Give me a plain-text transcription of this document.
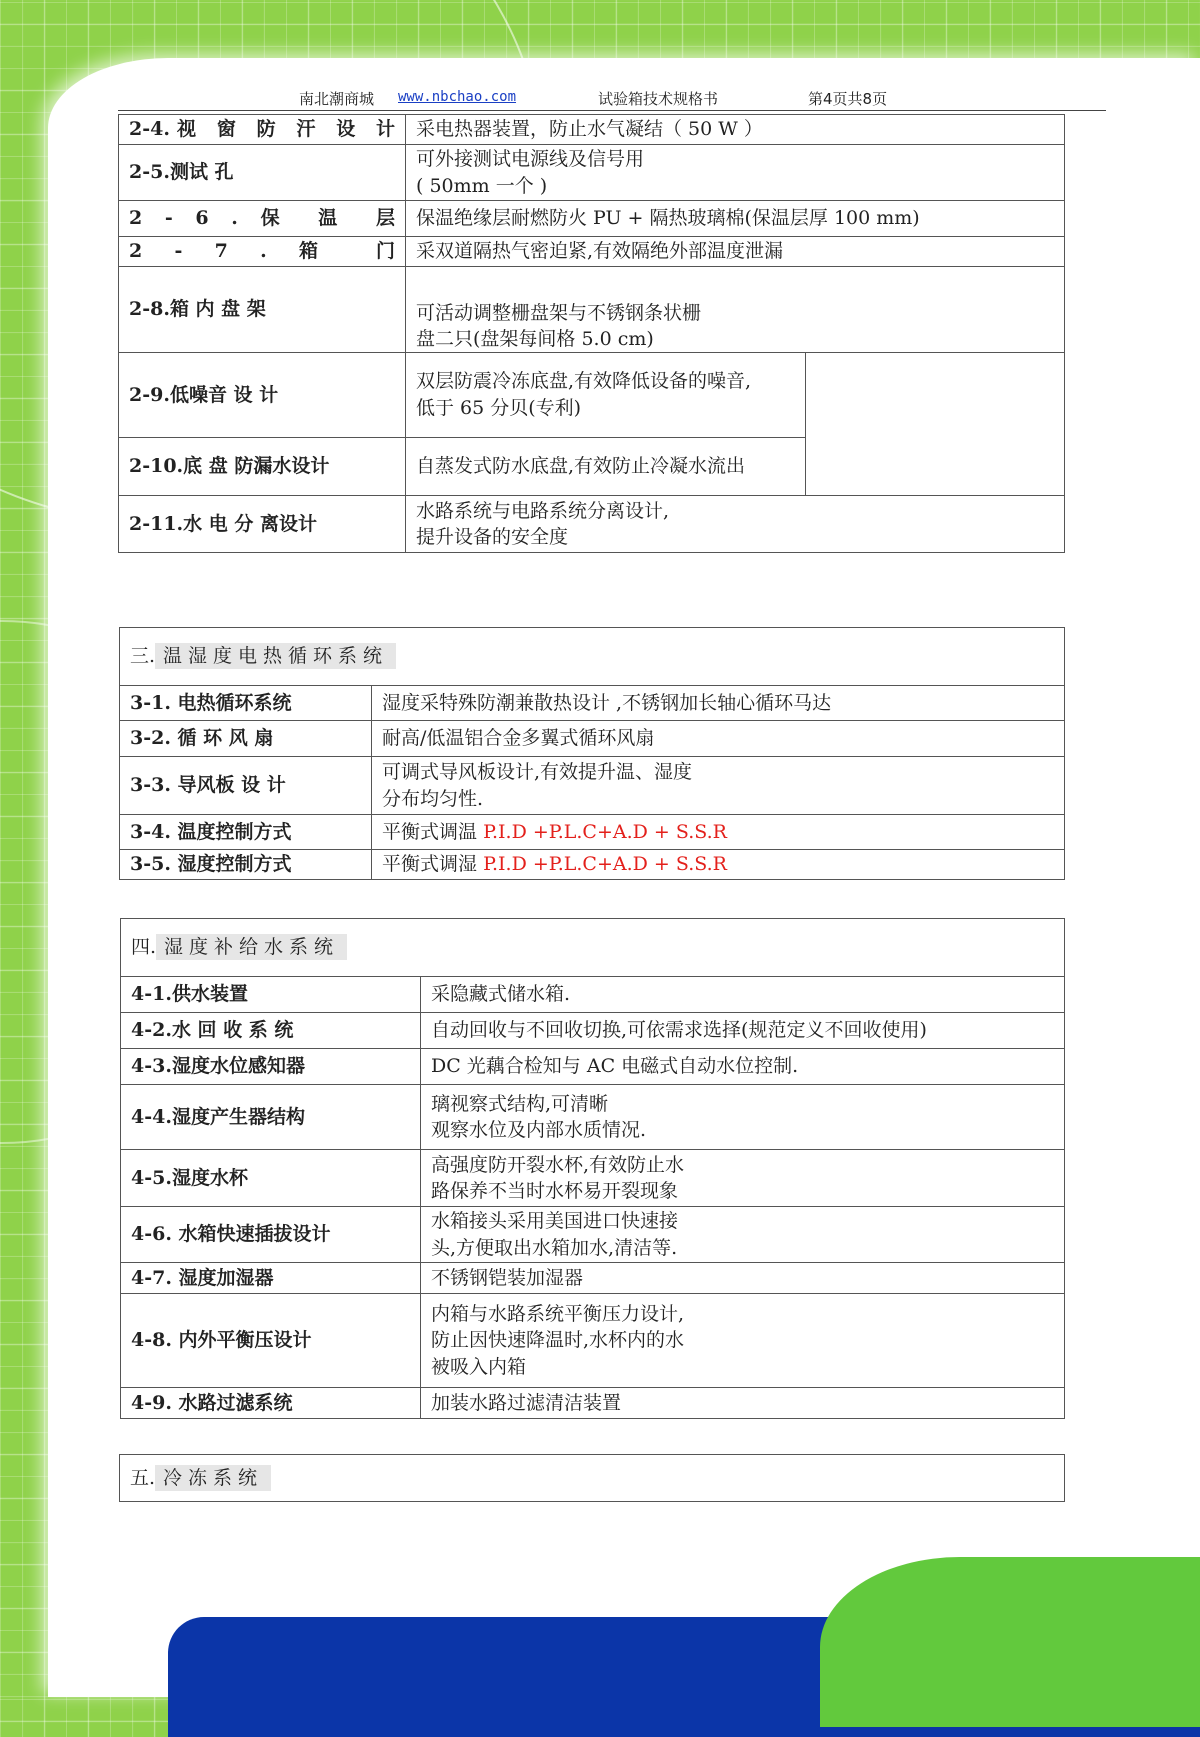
南北潮商城 www.nbchao.com	试验箱技术规格书	第4页共8页
2-4.视 窗 防 汗 设 计	采电热器装置，防止水气凝结（ 50 W ）	
2-5.测试 孔	可外接测试电源线及信号用
( 50mm 一个 )	
2 - 6 . 保 温 层	保温绝缘层耐燃防火 PU + 隔热玻璃棉(保温层厚 100 mm)	
2 - 7 . 箱 门	采双道隔热气密迫紧,有效隔绝外部温度泄漏	
2-8.箱 内 盘 架	可活动调整栅盘架与不锈钢条状栅
盘二只(盘架每间格 5.0 cm)	
2-9.低噪音 设 计	双层防震冷冻底盘,有效降低设备的噪音,
低于 65 分贝(专利)	
2-10.底 盘 防漏水设计	自蒸发式防水底盘,有效防止冷凝水流出	
2-11.水 电 分 离设计	水路系统与电路系统分离设计,
提升设备的安全度	
三. 温湿度电热循环系统	
3-1. 电热循环系统	湿度采特殊防潮兼散热设计 ,不锈钢加长轴心循环马达
3-2. 循 环 风 扇	耐高/低温铝合金多翼式循环风扇
3-3. 导风板 设 计	可调式导风板设计,有效提升温、湿度分布均匀性.
3-4. 温度控制方式	平衡式调温 P.I.D +P.L.C+A.D + S.S.R
3-5. 湿度控制方式	平衡式调湿 P.I.D +P.L.C+A.D + S.S.R
四. 湿度补给水系统	
4-1.供水装置	采隐藏式储水箱.
4-2.水 回 收 系 统	自动回收与不回收切换,可依需求选择(规范定义不回收使用)
4-3.湿度水位感知器	DC 光藕合检知与 AC 电磁式自动水位控制.
4-4.湿度产生器结构	璃视察式结构,可清晰
观察水位及内部水质情况.
4-5.湿度水杯	高强度防开裂水杯,有效防止水
路保养不当时水杯易开裂现象
4-6. 水箱快速插拔设计	水箱接头采用美国进口快速接
头,方便取出水箱加水,清洁等.
4-7. 湿度加湿器	不锈钢铠装加湿器
4-8. 内外平衡压设计	内箱与水路系统平衡压力设计,
防止因快速降温时,水杯内的水
被吸入内箱
4-9. 水路过滤系统	加装水路过滤清洁装置
五. 冷冻系统
